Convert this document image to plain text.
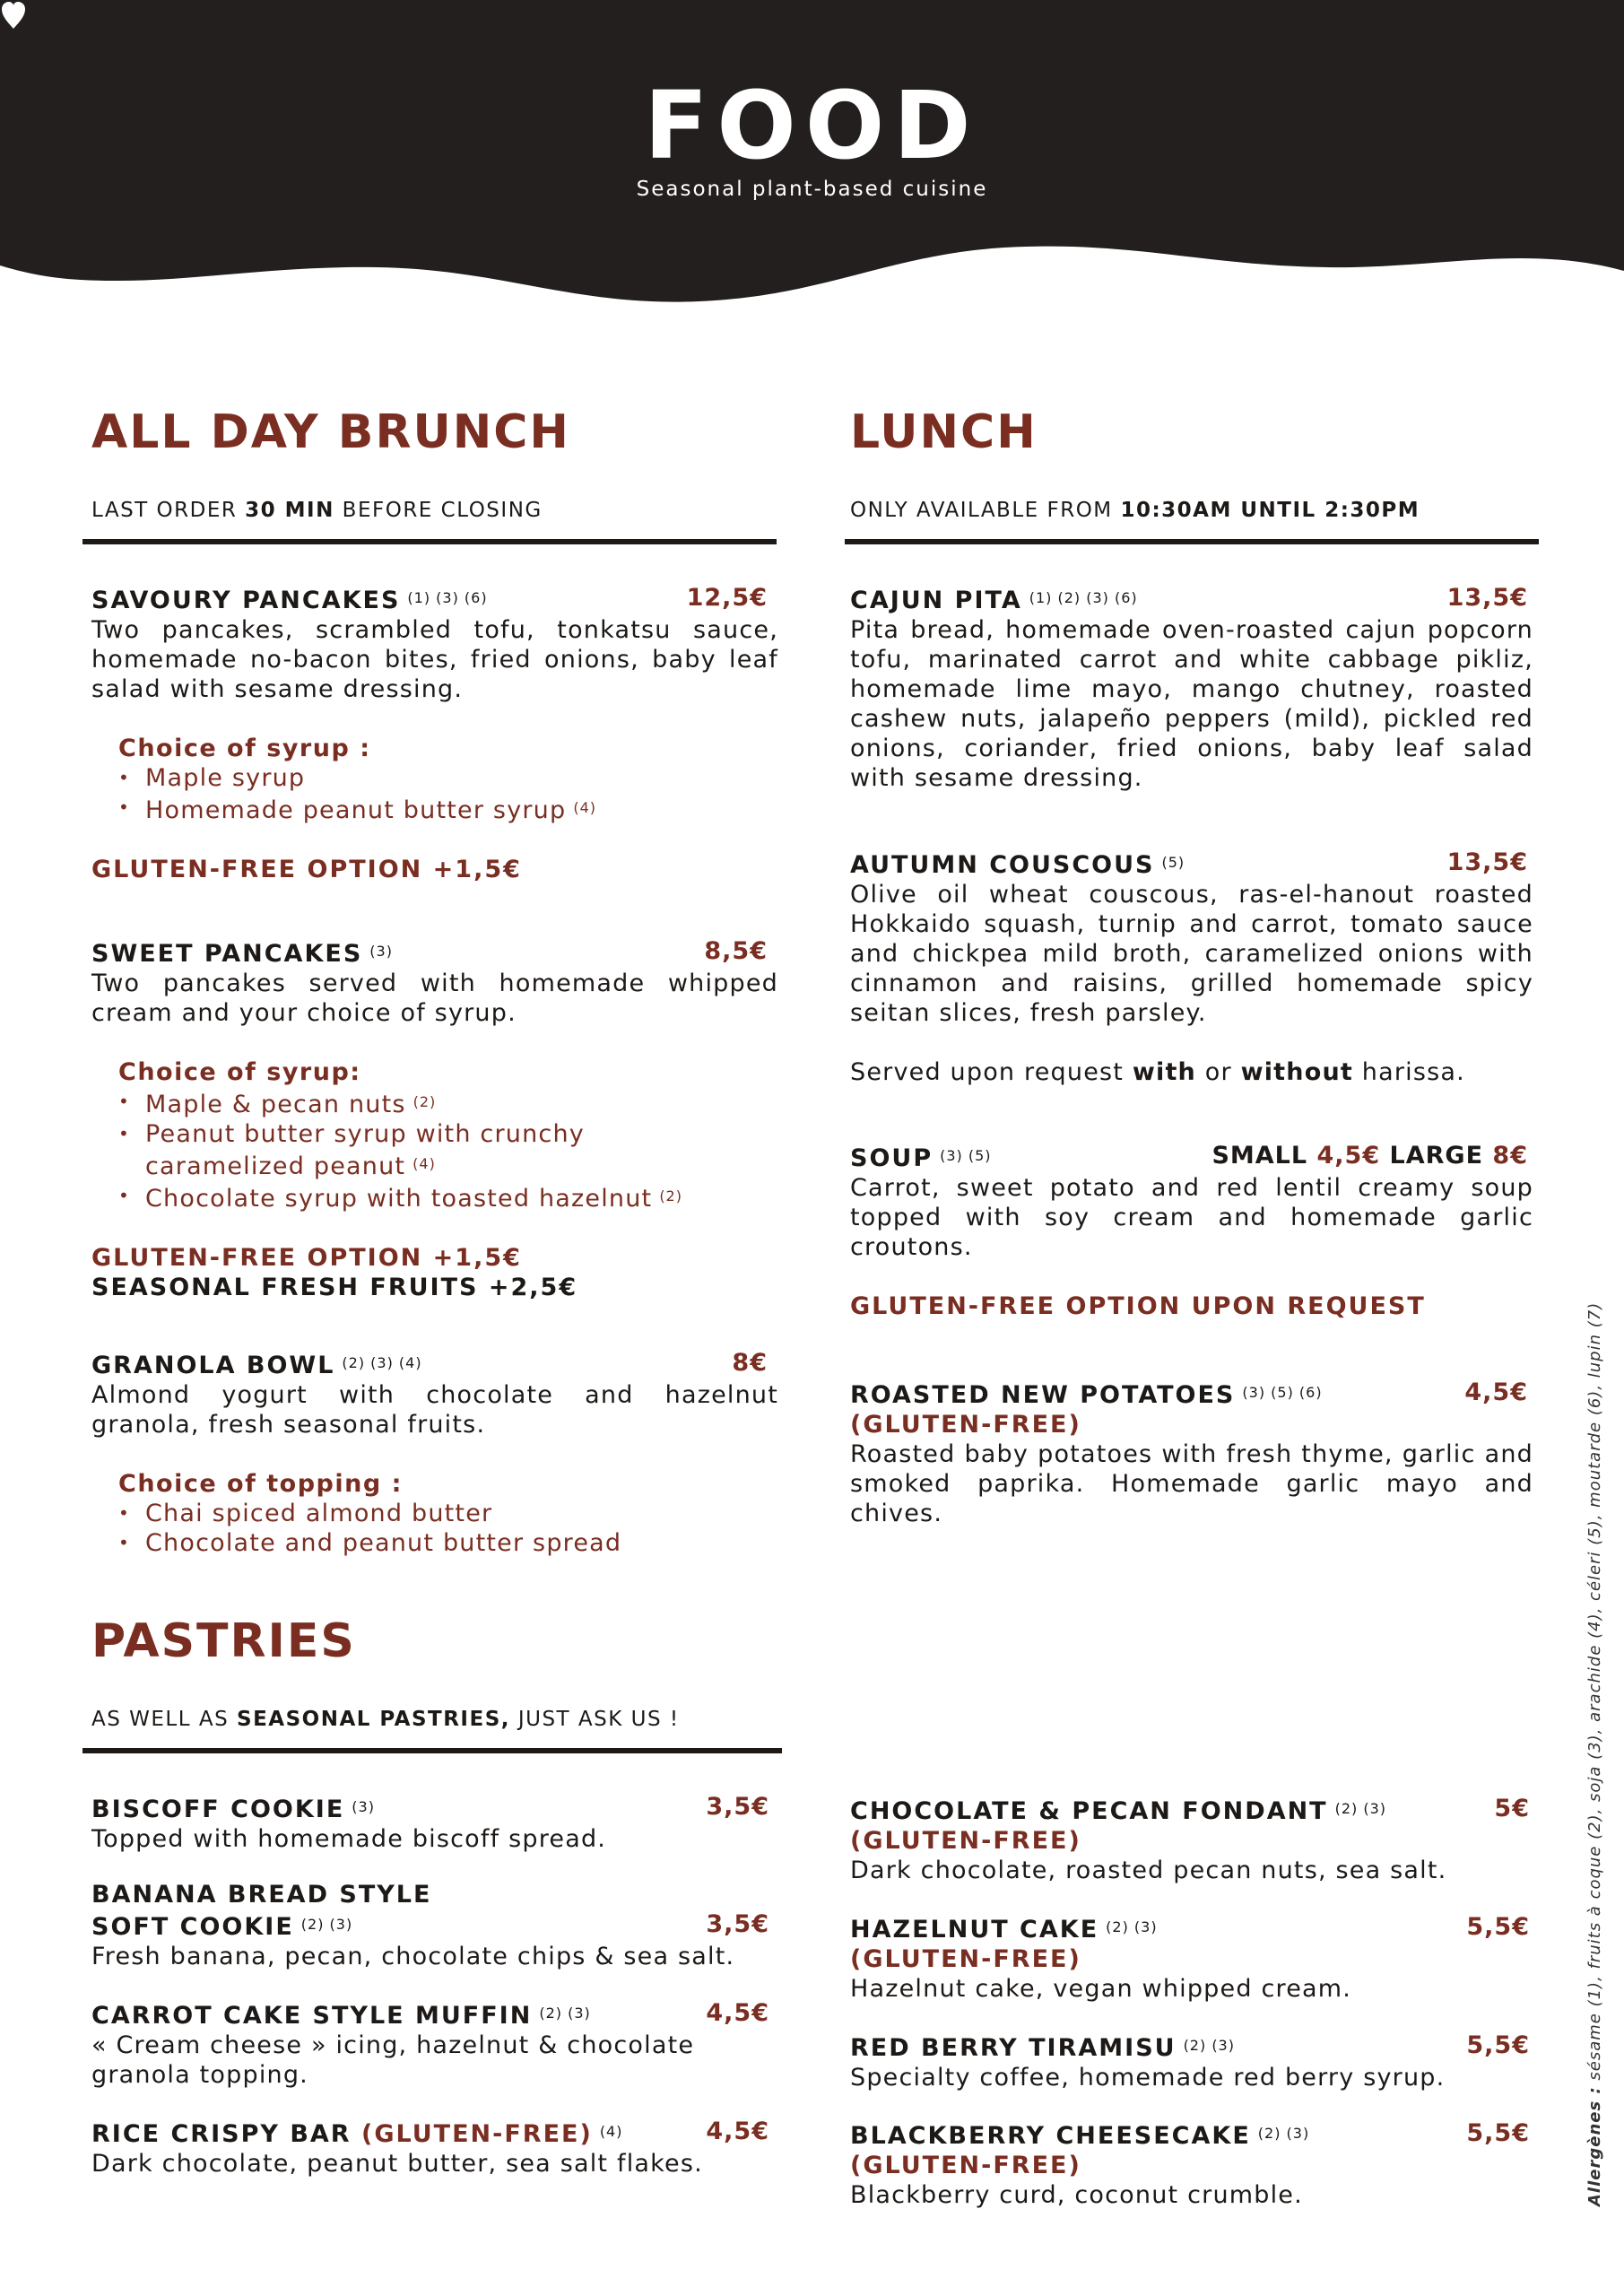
FOOD
Seasonal plant-based cuisine
ALL DAY BRUNCH
LAST ORDER 30 MIN BEFORE CLOSING
SAVOURY PANCAKES $^{(1) (3) (6)}$	12,5€
Two pancakes, scrambled tofu, tonkatsu sauce, homemade no-bacon bites, fried onions, baby leaf salad with sesame dressing.
Choice of syrup :
• Maple syrup
• Homemade peanut butter syrup $^{(4)}$
GLUTEN-FREE OPTION +1,5€
SWEET PANCAKES $^{(3)}$	8,5€
Two pancakes served with homemade whipped cream and your choice of syrup.
Choice of syrup:
• Maple & pecan nuts $^{(2)}$
• Peanut butter syrup with crunchy
caramelized peanut $^{(4)}$
• Chocolate syrup with toasted hazelnut $^{(2)}$
GLUTEN-FREE OPTION +1,5€
SEASONAL FRESH FRUITS +2,5€
GRANOLA BOWL $^{(2) (3) (4)}$	8€
Almond yogurt with chocolate and hazelnut granola, fresh seasonal fruits.
Choice of topping :
• Chai spiced almond butter
• Chocolate and peanut butter spread
LUNCH
ONLY AVAILABLE FROM 10:30AM UNTIL 2:30PM
CAJUN PITA $^{(1) (2) (3) (6)}$	13,5€
Pita bread, homemade oven-roasted cajun popcorn tofu, marinated carrot and white cabbage pikliz, homemade lime mayo, mango chutney, roasted cashew nuts, jalapeño peppers (mild), pickled red onions, coriander, fried onions, baby leaf salad with sesame dressing.
AUTUMN COUSCOUS $^{(5)}$	13,5€
Olive oil wheat couscous, ras-el-hanout roasted Hokkaido squash, turnip and carrot, tomato sauce and chickpea mild broth, caramelized onions with cinnamon and raisins, grilled homemade spicy seitan slices, fresh parsley.
Served upon request with or without harissa.
SOUP $^{(3) (5)}$	SMALL 4,5€ LARGE 8€
Carrot, sweet potato and red lentil creamy soup topped with soy cream and homemade garlic croutons.
GLUTEN-FREE OPTION UPON REQUEST
ROASTED NEW POTATOES $^{(3) (5) (6)}$	4,5€
(GLUTEN-FREE)
Roasted baby potatoes with fresh thyme, garlic and smoked paprika. Homemade garlic mayo and chives.
PASTRIES
AS WELL AS SEASONAL PASTRIES, JUST ASK US !
BISCOFF COOKIE $^{(3)}$	3,5€
Topped with homemade biscoff spread.
BANANA BREAD STYLE
SOFT COOKIE $^{(2) (3)}$	3,5€
Fresh banana, pecan, chocolate chips & sea salt.
CARROT CAKE STYLE MUFFIN $^{(2) (3)}$	4,5€
« Cream cheese » icing, hazelnut & chocolate granola topping.
RICE CRISPY BAR (GLUTEN-FREE) $^{(4)}$	4,5€
Dark chocolate, peanut butter, sea salt flakes.
CHOCOLATE & PECAN FONDANT $^{(2) (3)}$	5€
(GLUTEN-FREE)
Dark chocolate, roasted pecan nuts, sea salt.
HAZELNUT CAKE $^{(2) (3)}$	5,5€
(GLUTEN-FREE)
Hazelnut cake, vegan whipped cream.
RED BERRY TIRAMISU $^{(2) (3)}$	5,5€
Specialty coffee, homemade red berry syrup.
BLACKBERRY CHEESECAKE $^{(2) (3)}$	5,5€
(GLUTEN-FREE)
Blackberry curd, coconut crumble.	Allergènes : sésame (1), fruits à coque (2), soja (3), arachide (4), céleri (5), moutarde (6), lupin (7)
